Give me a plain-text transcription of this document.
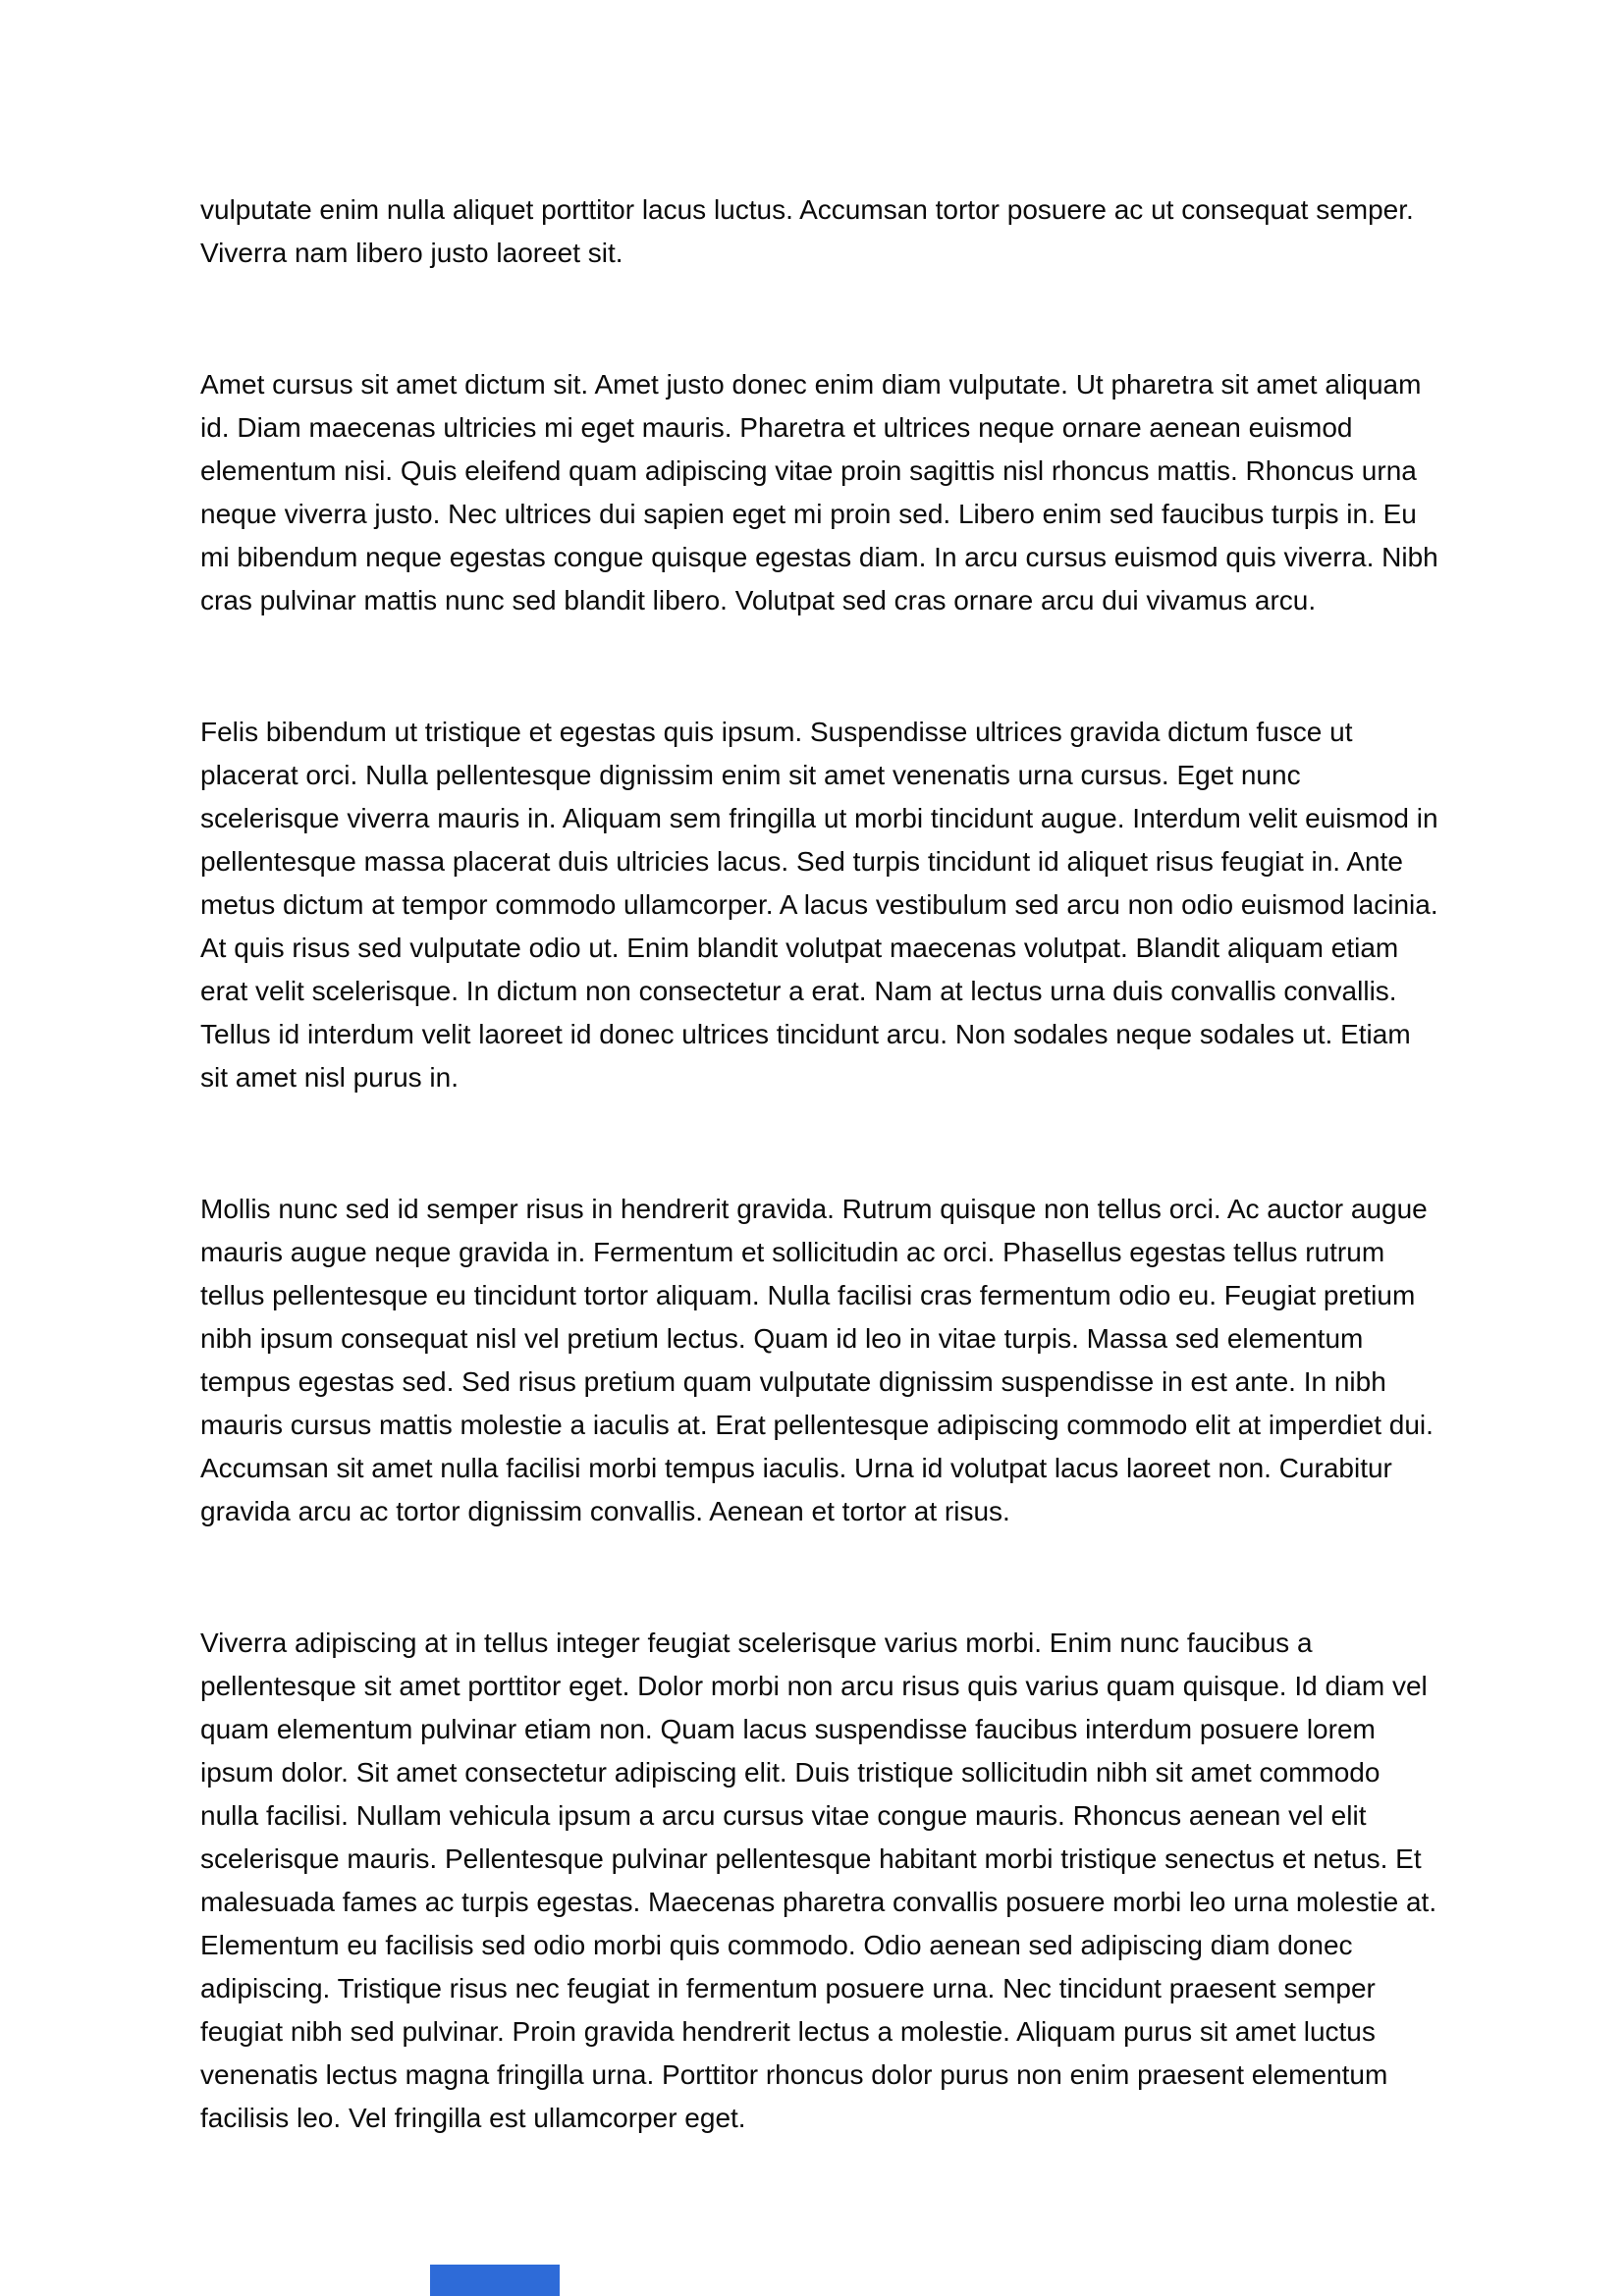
vulputate enim nulla aliquet porttitor lacus luctus. Accumsan tortor posuere ac ut consequat semper. Viverra nam libero justo laoreet sit.

Amet cursus sit amet dictum sit. Amet justo donec enim diam vulputate. Ut pharetra sit amet aliquam id. Diam maecenas ultricies mi eget mauris. Pharetra et ultrices neque ornare aenean euismod elementum nisi. Quis eleifend quam adipiscing vitae proin sagittis nisl rhoncus mattis. Rhoncus urna neque viverra justo. Nec ultrices dui sapien eget mi proin sed. Libero enim sed faucibus turpis in. Eu mi bibendum neque egestas congue quisque egestas diam. In arcu cursus euismod quis viverra. Nibh cras pulvinar mattis nunc sed blandit libero. Volutpat sed cras ornare arcu dui vivamus arcu.

Felis bibendum ut tristique et egestas quis ipsum. Suspendisse ultrices gravida dictum fusce ut placerat orci. Nulla pellentesque dignissim enim sit amet venenatis urna cursus. Eget nunc scelerisque viverra mauris in. Aliquam sem fringilla ut morbi tincidunt augue. Interdum velit euismod in pellentesque massa placerat duis ultricies lacus. Sed turpis tincidunt id aliquet risus feugiat in. Ante metus dictum at tempor commodo ullamcorper. A lacus vestibulum sed arcu non odio euismod lacinia. At quis risus sed vulputate odio ut. Enim blandit volutpat maecenas volutpat. Blandit aliquam etiam erat velit scelerisque. In dictum non consectetur a erat. Nam at lectus urna duis convallis convallis. Tellus id interdum velit laoreet id donec ultrices tincidunt arcu. Non sodales neque sodales ut. Etiam sit amet nisl purus in.

Mollis nunc sed id semper risus in hendrerit gravida. Rutrum quisque non tellus orci. Ac auctor augue mauris augue neque gravida in. Fermentum et sollicitudin ac orci. Phasellus egestas tellus rutrum tellus pellentesque eu tincidunt tortor aliquam. Nulla facilisi cras fermentum odio eu. Feugiat pretium nibh ipsum consequat nisl vel pretium lectus. Quam id leo in vitae turpis. Massa sed elementum tempus egestas sed. Sed risus pretium quam vulputate dignissim suspendisse in est ante. In nibh mauris cursus mattis molestie a iaculis at. Erat pellentesque adipiscing commodo elit at imperdiet dui. Accumsan sit amet nulla facilisi morbi tempus iaculis. Urna id volutpat lacus laoreet non. Curabitur gravida arcu ac tortor dignissim convallis. Aenean et tortor at risus.

Viverra adipiscing at in tellus integer feugiat scelerisque varius morbi. Enim nunc faucibus a pellentesque sit amet porttitor eget. Dolor morbi non arcu risus quis varius quam quisque. Id diam vel quam elementum pulvinar etiam non. Quam lacus suspendisse faucibus interdum posuere lorem ipsum dolor. Sit amet consectetur adipiscing elit. Duis tristique sollicitudin nibh sit amet commodo nulla facilisi. Nullam vehicula ipsum a arcu cursus vitae congue mauris. Rhoncus aenean vel elit scelerisque mauris. Pellentesque pulvinar pellentesque habitant morbi tristique senectus et netus. Et malesuada fames ac turpis egestas. Maecenas pharetra convallis posuere morbi leo urna molestie at. Elementum eu facilisis sed odio morbi quis commodo. Odio aenean sed adipiscing diam donec adipiscing. Tristique risus nec feugiat in fermentum posuere urna. Nec tincidunt praesent semper feugiat nibh sed pulvinar. Proin gravida hendrerit lectus a molestie. Aliquam purus sit amet luctus venenatis lectus magna fringilla urna. Porttitor rhoncus dolor purus non enim praesent elementum facilisis leo. Vel fringilla est ullamcorper eget.
